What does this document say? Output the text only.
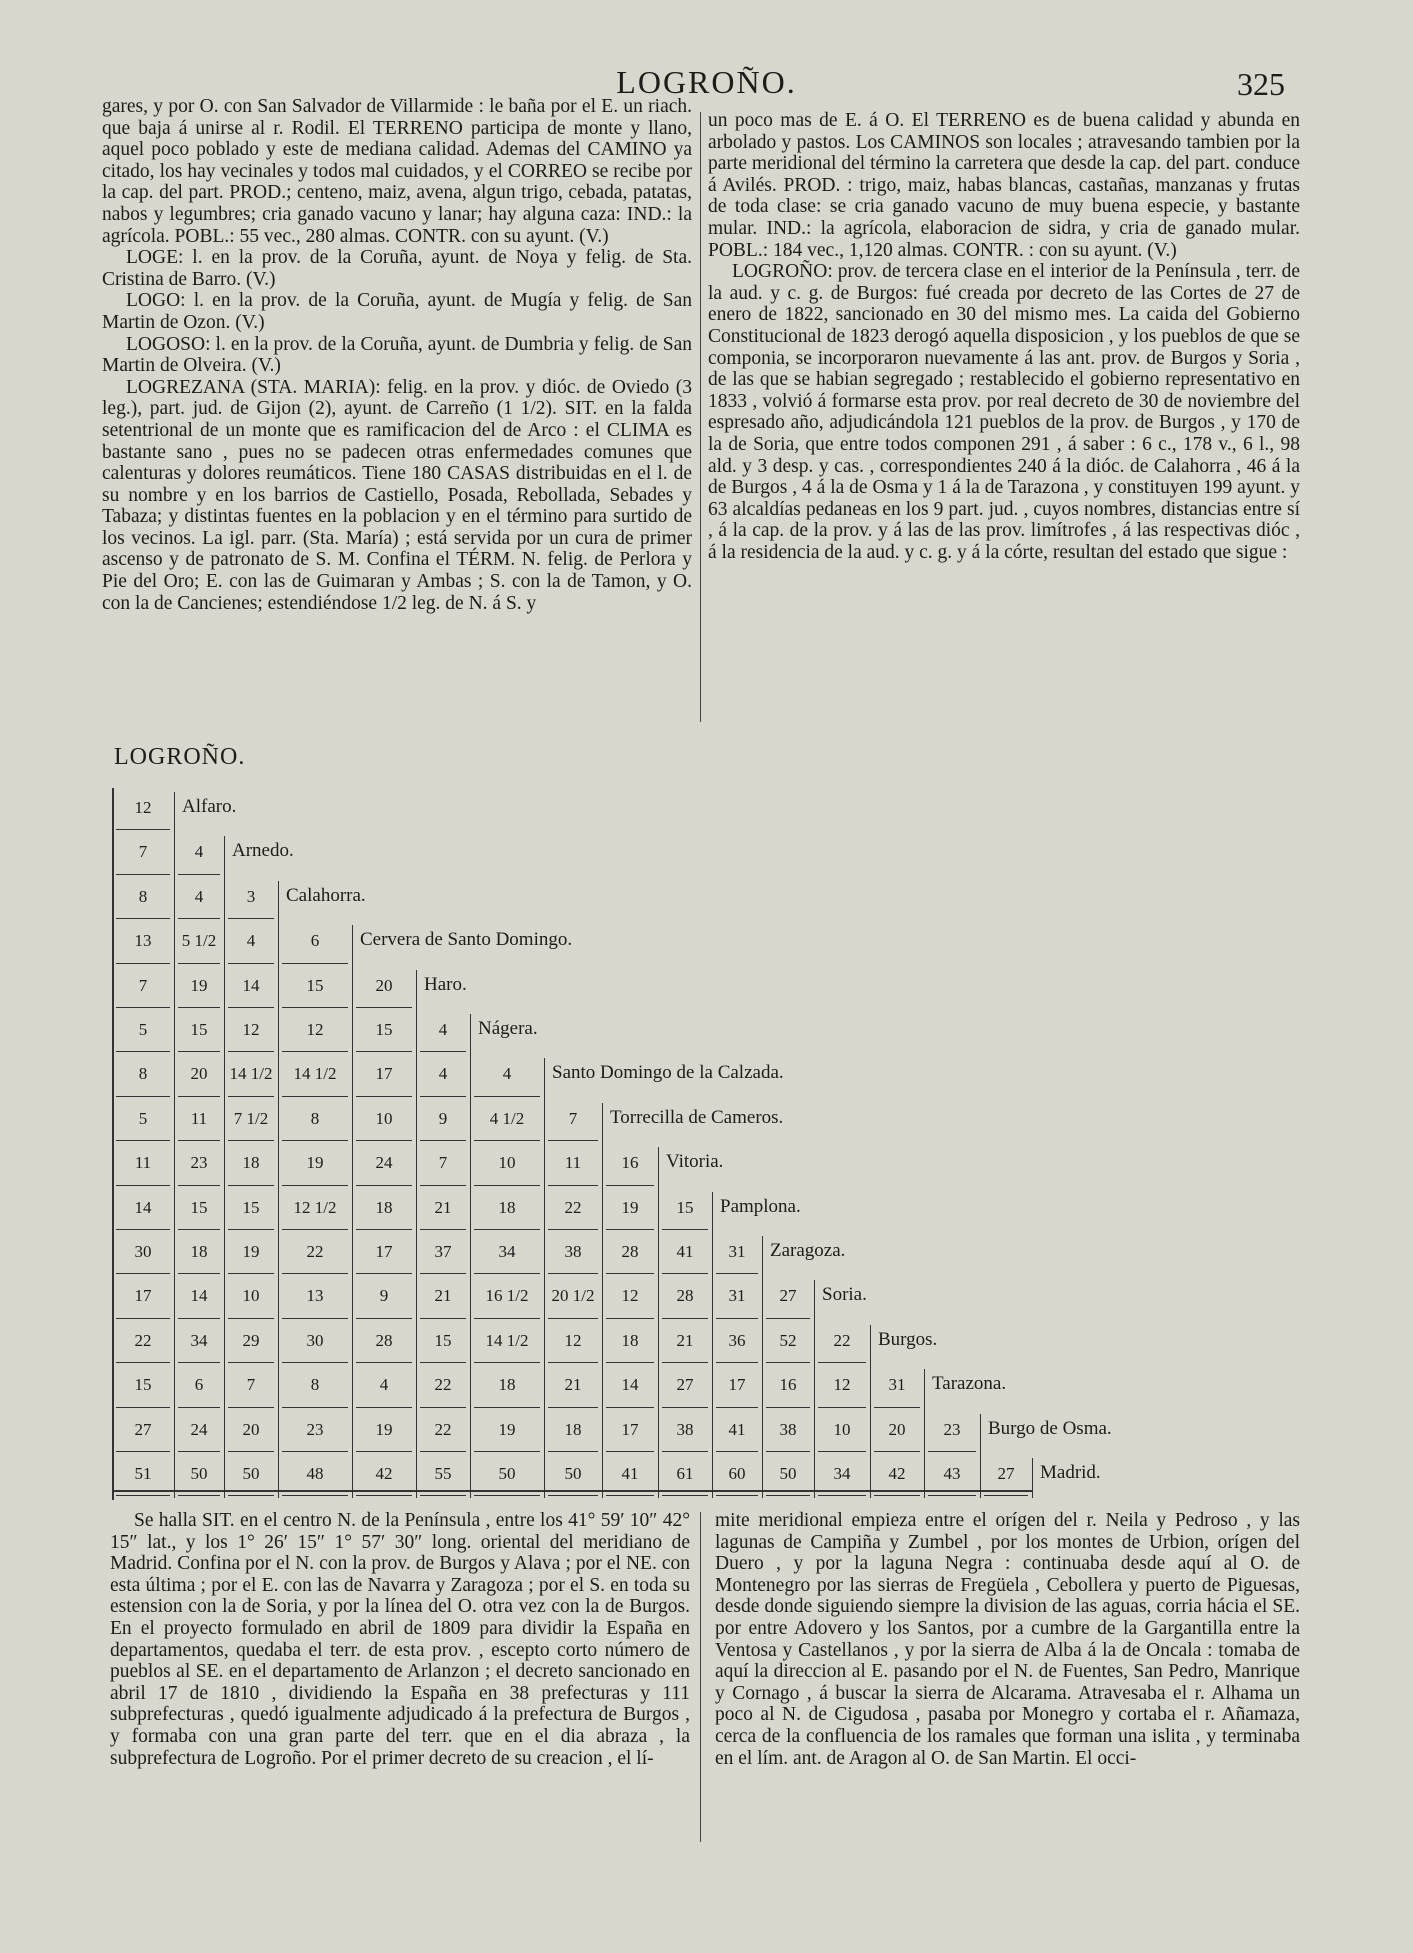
LOGROÑO.	325

gares, y por O. con San Salvador de Villarmide : le baña por el E. un riach. que baja á unirse al r. Rodil. El TERRENO participa de monte y llano, aquel poco poblado y este de mediana calidad. Ademas del CAMINO ya citado, los hay vecinales y todos mal cuidados, y el CORREO se recibe por la cap. del part. PROD.; centeno, maiz, avena, algun trigo, cebada, patatas, nabos y legumbres; cria ganado vacuno y lanar; hay alguna caza: IND.: la agrícola. POBL.: 55 vec., 280 almas. CONTR. con su ayunt. (V.)

LOGE: l. en la prov. de la Coruña, ayunt. de Noya y felig. de Sta. Cristina de Barro. (V.)

LOGO: l. en la prov. de la Coruña, ayunt. de Mugía y felig. de San Martin de Ozon. (V.)

LOGOSO: l. en la prov. de la Coruña, ayunt. de Dumbria y felig. de San Martin de Olveira. (V.)

LOGREZANA (STA. MARIA): felig. en la prov. y dióc. de Oviedo (3 leg.), part. jud. de Gijon (2), ayunt. de Carreño (1 1/2). SIT. en la falda setentrional de un monte que es ramificacion del de Arco : el CLIMA es bastante sano , pues no se padecen otras enfermedades comunes que calenturas y dolores reumáticos. Tiene 180 CASAS distribuidas en el l. de su nombre y en los barrios de Castiello, Posada, Rebollada, Sebades y Tabaza; y distintas fuentes en la poblacion y en el término para surtido de los vecinos. La igl. parr. (Sta. María) ; está servida por un cura de primer ascenso y de patronato de S. M. Confina el TÉRM. N. felig. de Perlora y Pie del Oro; E. con las de Guimaran y Ambas ; S. con la de Tamon, y O. con la de Cancienes; estendiéndose 1/2 leg. de N. á S. y

un poco mas de E. á O. El TERRENO es de buena calidad y abunda en arbolado y pastos. Los CAMINOS son locales ; atravesando tambien por la parte meridional del término la carretera que desde la cap. del part. conduce á Avilés. PROD. : trigo, maiz, habas blancas, castañas, manzanas y frutas de toda clase: se cria ganado vacuno de muy buena especie, y bastante mular. IND.: la agrícola, elaboracion de sidra, y cria de ganado mular. POBL.: 184 vec., 1,120 almas. CONTR. : con su ayunt. (V.)

LOGROÑO: prov. de tercera clase en el interior de la Península , terr. de la aud. y c. g. de Burgos: fué creada por decreto de las Cortes de 27 de enero de 1822, sancionado en 30 del mismo mes. La caida del Gobierno Constitucional de 1823 derogó aquella disposicion , y los pueblos de que se componia, se incorporaron nuevamente á las ant. prov. de Burgos y Soria , de las que se habian segregado ; restablecido el gobierno representativo en 1833 , volvió á formarse esta prov. por real decreto de 30 de noviembre del espresado año, adjudicándola 121 pueblos de la prov. de Burgos , y 170 de la de Soria, que entre todos componen 291 , á saber : 6 c., 178 v., 6 l., 98 ald. y 3 desp. y cas. , correspondientes 240 á la dióc. de Calahorra , 46 á la de Burgos , 4 á la de Osma y 1 á la de Tarazona , y constituyen 199 ayunt. y 63 alcaldías pedaneas en los 9 part. jud. , cuyos nombres, distancias entre sí , á la cap. de la prov. y á las de las prov. limítrofes , á las respectivas dióc , á la residencia de la aud. y c. g. y á la córte, resultan del estado que sigue :

LOGROÑO.
12	Alfaro.
7	4	Arnedo.
8	4	3	Calahorra.
13	5 1/2	4	6	Cervera de Santo Domingo.
7	19	14	15	20	Haro.
5	15	12	12	15	4	Nágera.
8	20	14 1/2	14 1/2	17	4	4	Santo Domingo de la Calzada.
5	11	7 1/2	8	10	9	4 1/2	7	Torrecilla de Cameros.
11	23	18	19	24	7	10	11	16	Vitoria.
14	15	15	12 1/2	18	21	18	22	19	15	Pamplona.
30	18	19	22	17	37	34	38	28	41	31	Zaragoza.
17	14	10	13	9	21	16 1/2	20 1/2	12	28	31	27	Soria.
22	34	29	30	28	15	14 1/2	12	18	21	36	52	22	Burgos.
15	6	7	8	4	22	18	21	14	27	17	16	12	31	Tarazona.
27	24	20	23	19	22	19	18	17	38	41	38	10	20	23	Burgo de Osma.
51	50	50	48	42	55	50	50	41	61	60	50	34	42	43	27	Madrid.

Se halla SIT. en el centro N. de la Península , entre los 41° 59′ 10″ 42° 15″ lat., y los 1° 26′ 15″ 1° 57′ 30″ long. oriental del meridiano de Madrid. Confina por el N. con la prov. de Burgos y Alava ; por el NE. con esta última ; por el E. con las de Navarra y Zaragoza ; por el S. en toda su estension con la de Soria, y por la línea del O. otra vez con la de Burgos. En el proyecto formulado en abril de 1809 para dividir la España en departamentos, quedaba el terr. de esta prov. , escepto corto número de pueblos al SE. en el departamento de Arlanzon ; el decreto sancionado en abril 17 de 1810 , dividiendo la España en 38 prefecturas y 111 subprefecturas , quedó igualmente adjudicado á la prefectura de Burgos , y formaba con una gran parte del terr. que en el dia abraza , la subprefectura de Logroño. Por el primer decreto de su creacion , el lí-

mite meridional empieza entre el orígen del r. Neila y Pedroso , y las lagunas de Campiña y Zumbel , por los montes de Urbion, orígen del Duero , y por la laguna Negra : continuaba desde aquí al O. de Montenegro por las sierras de Fregüela , Cebollera y puerto de Piguesas, desde donde siguiendo siempre la division de las aguas, corria hácia el SE. por entre Adovero y los Santos, por a cumbre de la Gargantilla entre la Ventosa y Castellanos , y por la sierra de Alba á la de Oncala : tomaba de aquí la direccion al E. pasando por el N. de Fuentes, San Pedro, Manrique y Cornago , á buscar la sierra de Alcarama. Atravesaba el r. Alhama un poco al N. de Cigudosa , pasaba por Monegro y cortaba el r. Añamaza, cerca de la confluencia de los ramales que forman una islita , y terminaba en el lím. ant. de Aragon al O. de San Martin. El occi-
